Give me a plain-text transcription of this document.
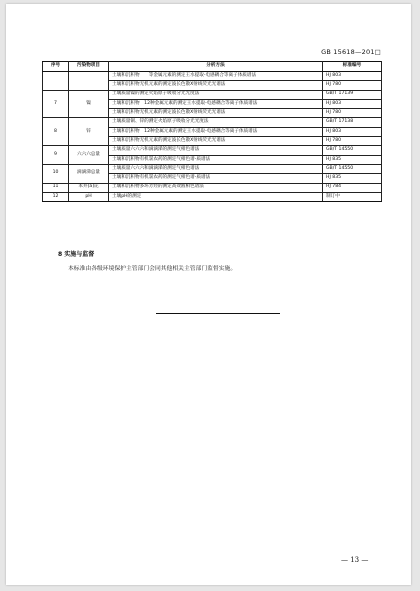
GB 15618—201□
序号	污染物项目	分析方法	标准编号
		土壤和沉积物　　等金属元素的测定王水提取-电感耦合等离子体质谱法	HJ 803
		土壤和沉积物无机元素的测定波长色散X射线荧光光谱法	HJ 780
7	镍	土壤质量镍的测定火焰原子吸收分光光度法	GB/T 17139
		土壤和沉积物　12种金属元素的测定王水提取-电感耦合等离子体质谱法	HJ 803
		土壤和沉积物无机元素的测定波长色散X射线荧光光谱法	HJ 780
8	锌	土壤质量铜、锌的测定火焰原子吸收分光光度法	GB/T 17138
		土壤和沉积物　12种金属元素的测定王水提取-电感耦合等离子体质谱法	HJ 803
		土壤和沉积物无机元素的测定波长色散X射线荧光光谱法	HJ 780
9	六六六总量	土壤质量六六六和滴滴涕的测定气相色谱法	GB/T 14550
		土壤和沉积物有机氯农药的测定气相色谱-质谱法	HJ 835
10	滴滴涕总量	土壤质量六六六和滴滴涕的测定气相色谱法	GB/T 14550
		土壤和沉积物有机氯农药的测定气相色谱-质谱法	HJ 835
11	苯并[a]芘	土壤和沉积物多环芳烃的测定高效液相色谱法	HJ 784
12	pH	土壤pH的测定	制订中
8 实施与监督
本标准由各级环境保护主管部门会同其他相关主管部门监督实施。
— 13 —
